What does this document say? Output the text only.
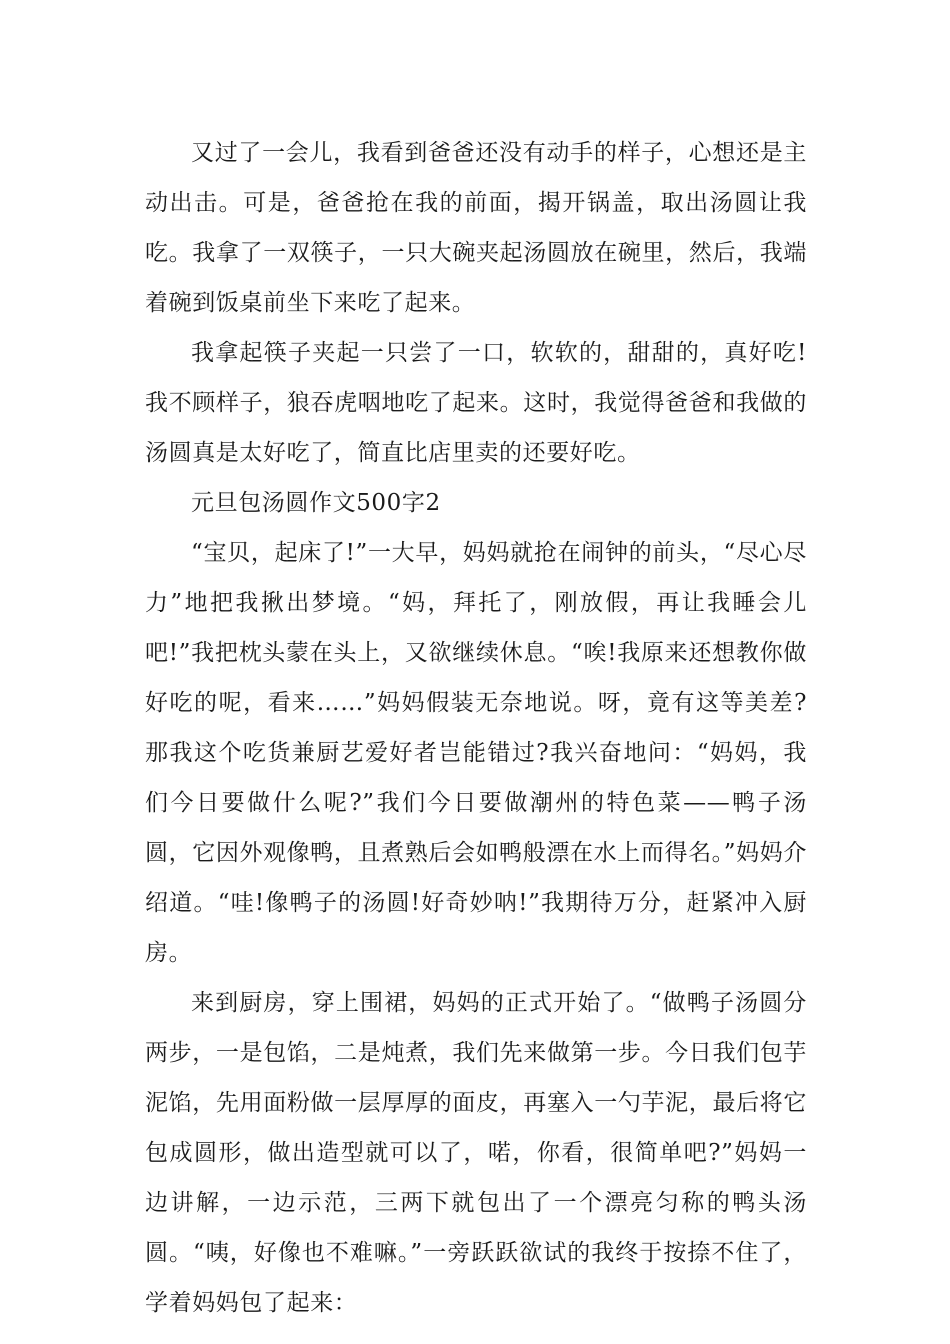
又过了一会儿，我看到爸爸还没有动手的样子，心想还是主动出击。可是，爸爸抢在我的前面，揭开锅盖，取出汤圆让我吃。我拿了一双筷子，一只大碗夹起汤圆放在碗里，然后，我端着碗到饭桌前坐下来吃了起来。

我拿起筷子夹起一只尝了一口，软软的，甜甜的，真好吃!我不顾样子，狼吞虎咽地吃了起来。这时，我觉得爸爸和我做的汤圆真是太好吃了，简直比店里卖的还要好吃。

元旦包汤圆作文500字2

“宝贝，起床了!”一大早，妈妈就抢在闹钟的前头，“尽心尽力”地把我揪出梦境。“妈，拜托了，刚放假，再让我睡会儿吧!”我把枕头蒙在头上，又欲继续休息。“唉!我原来还想教你做好吃的呢，看来……”妈妈假装无奈地说。呀，竟有这等美差?那我这个吃货兼厨艺爱好者岂能错过?我兴奋地问：“妈妈，我们今日要做什么呢?”我们今日要做潮州的特色菜——鸭子汤圆，它因外观像鸭，且煮熟后会如鸭般漂在水上而得名。”妈妈介绍道。“哇!像鸭子的汤圆!好奇妙呐!”我期待万分，赶紧冲入厨房。

来到厨房，穿上围裙，妈妈的正式开始了。“做鸭子汤圆分两步，一是包馅，二是炖煮，我们先来做第一步。今日我们包芋泥馅，先用面粉做一层厚厚的面皮，再塞入一勺芋泥，最后将它包成圆形，做出造型就可以了，喏，你看，很简单吧?”妈妈一边讲解，一边示范，三两下就包出了一个漂亮匀称的鸭头汤圆。“咦，好像也不难嘛。”一旁跃跃欲试的我终于按捺不住了，学着妈妈包了起来：
